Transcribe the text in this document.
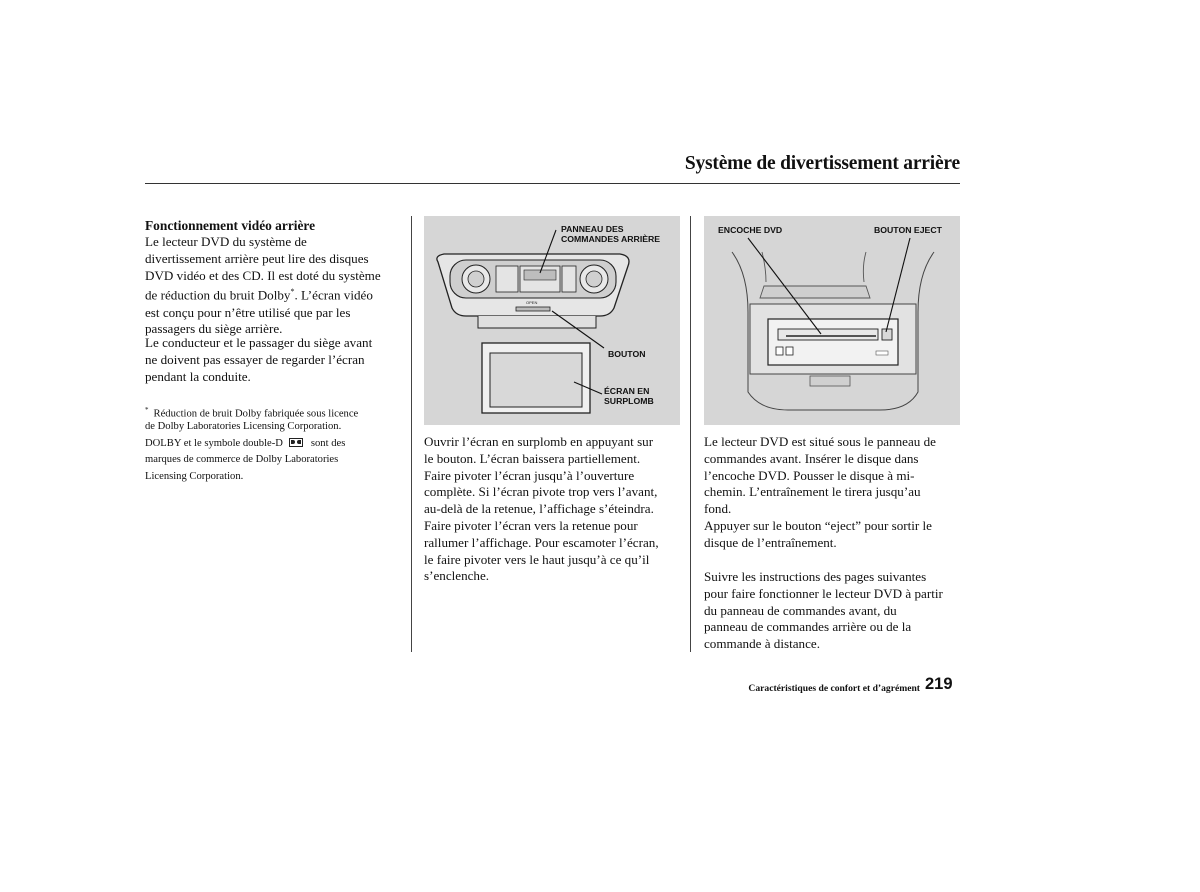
Système de divertissement arrière
Fonctionnement vidéo arrière
Le lecteur DVD du système de
divertissement arrière peut lire des disques
DVD vidéo et des CD. Il est doté du système
de réduction du bruit Dolby*. L’écran vidéo
est conçu pour n’être utilisé que par les
passagers du siège arrière.
Le conducteur et le passager du siège avant
ne doivent pas essayer de regarder l’écran
pendant la conduite.
* Réduction de bruit Dolby fabriquée sous licence
de Dolby Laboratories Licensing Corporation.
DOLBY et le symbole double-D	sont des
marques de commerce de Dolby Laboratories
Licensing Corporation.
OPEN
PANNEAU DES
COMMANDES ARRIÈRE
BOUTON
ÉCRAN EN
SURPLOMB
Ouvrir l’écran en surplomb en appuyant sur
le bouton. L’écran baissera partiellement.
Faire pivoter l’écran jusqu’à l’ouverture
complète. Si l’écran pivote trop vers l’avant,
au-delà de la retenue, l’affichage s’éteindra.
Faire pivoter l’écran vers la retenue pour
rallumer l’affichage. Pour escamoter l’écran,
le faire pivoter vers le haut jusqu’à ce qu’il
s’enclenche.
ENCOCHE DVD	BOUTON EJECT
Le lecteur DVD est situé sous le panneau de
commandes avant. Insérer le disque dans
l’encoche DVD. Pousser le disque à mi-
chemin. L’entraînement le tirera jusqu’au
fond.
Appuyer sur le bouton “eject” pour sortir le
disque de l’entraînement.
Suivre les instructions des pages suivantes
pour faire fonctionner le lecteur DVD à partir
du panneau de commandes avant, du
panneau de commandes arrière ou de la
commande à distance.
Caractéristiques de confort et d’agrément 219
